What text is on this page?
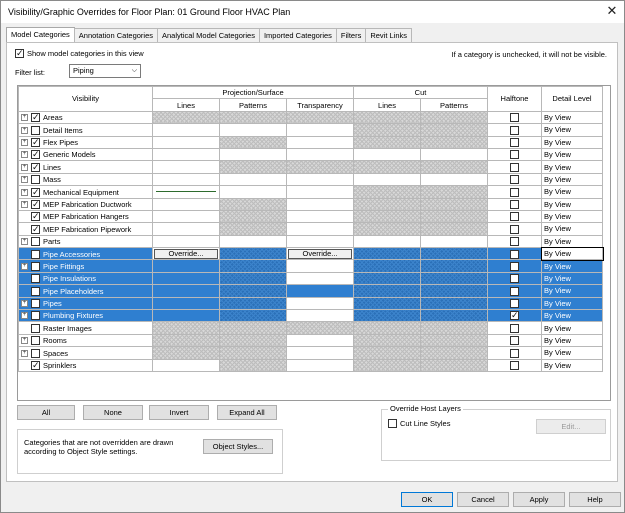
Visibility/Graphic Overrides for Floor Plan: 01 Ground Floor HVAC Plan	✕
Model Categories	Annotation Categories	Analytical Model Categories	Imported Categories	Filters	Revit Links
✓
Show model categories in this view	If a category is unchecked, it will not be visible.
Filter list:	Piping	⌵
Visibility	Projection/Surface			Cut		Halftone	Detail Level
	Lines	Patterns	Transparency	Lines	Patterns		
+ ✓ Areas							By View
+ Detail Items							By View
+ ✓ Flex Pipes							By View
+ ✓ Generic Models							By View
+ ✓ Lines							By View
+ Mass							By View
+ ✓ Mechanical Equipment							By View
+ ✓ MEP Fabrication Ductwork							By View
✓MEP Fabrication Hangers							By View
✓MEP Fabrication Pipework							By View
+ Parts							By View
Pipe Accessories	Override...		Override...				By View
+ Pipe Fittings							By View
Pipe Insulations							By View
Pipe Placeholders							By View
+ Pipes							By View
+ Plumbing Fixtures						✓	By View
Raster Images							By View
+ Rooms							By View
+ Spaces							By View
✓Sprinklers							By View
All	None	Invert	Expand All
Categories that are not overridden are drawn according to Object Style settings.
Object Styles...
Override Host Layers
Cut Line Styles	Edit...
OK	Cancel	Apply	Help
